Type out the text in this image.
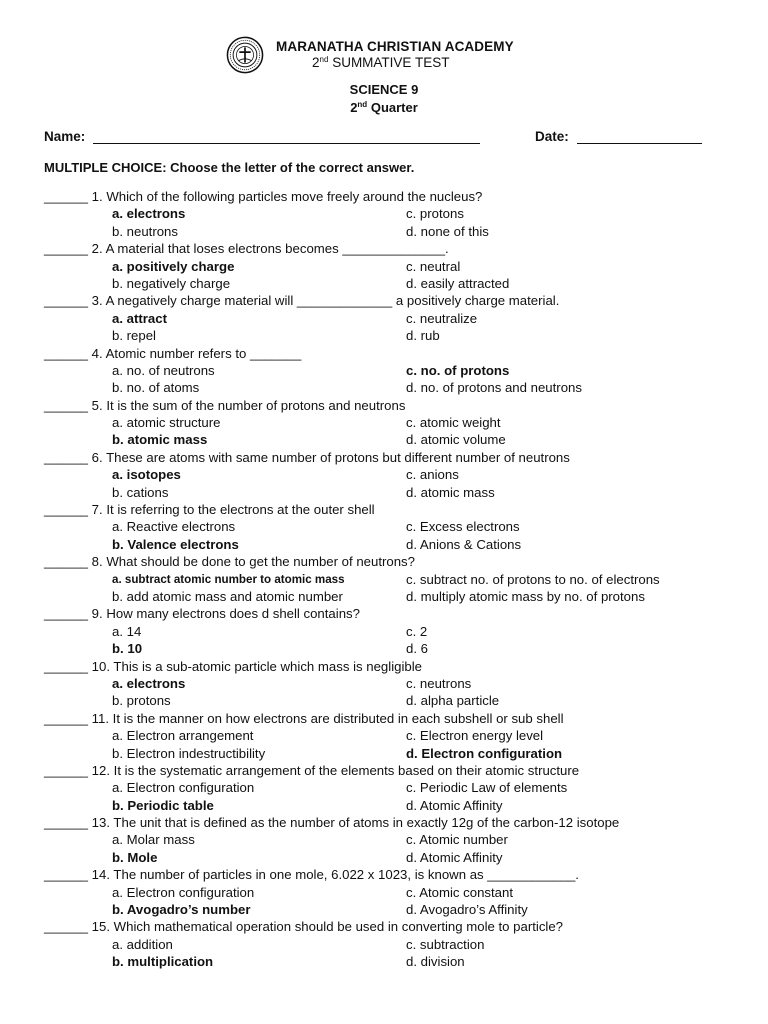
MARANATHA CHRISTIAN ACADEMY
2nd SUMMATIVE TEST
SCIENCE 9
2nd Quarter
Name:	Date:
MULTIPLE CHOICE: Choose the letter of the correct answer.
______ 1. Which of the following particles move freely around the nucleus?
a. electrons	c. protons
b. neutrons	d. none of this
______ 2. A material that loses electrons becomes ______________.
a. positively charge	c. neutral
b. negatively charge	d. easily attracted
______ 3. A negatively charge material will _____________ a positively charge material.
a. attract	c. neutralize
b. repel	d. rub
______ 4. Atomic number refers to _______
a. no. of neutrons	c. no. of protons
b. no. of atoms	d. no. of protons and neutrons
______ 5. It is the sum of the number of protons and neutrons
a. atomic structure	c. atomic weight
b. atomic mass	d. atomic volume
______ 6. These are atoms with same number of protons but different number of neutrons
a. isotopes	c. anions
b. cations	d. atomic mass
______ 7. It is referring to the electrons at the outer shell
a. Reactive electrons	c. Excess electrons
b. Valence electrons	d. Anions & Cations
______ 8. What should be done to get the number of neutrons?
a. subtract atomic number to atomic mass	c. subtract no. of protons to no. of electrons
b. add atomic mass and atomic number	d. multiply atomic mass by no. of protons
______ 9. How many electrons does d shell contains?
a. 14	c. 2
b. 10	d. 6
______ 10. This is a sub-atomic particle which mass is negligible
a. electrons	c. neutrons
b. protons	d. alpha particle
______ 11. It is the manner on how electrons are distributed in each subshell or sub shell
a. Electron arrangement	c. Electron energy level
b. Electron indestructibility	d. Electron configuration
______ 12. It is the systematic arrangement of the elements based on their atomic structure
a. Electron configuration	c. Periodic Law of elements
b. Periodic table	d. Atomic Affinity
______ 13. The unit that is defined as the number of atoms in exactly 12g of the carbon-12 isotope
a. Molar mass	c. Atomic number
b. Mole	d. Atomic Affinity
______ 14. The number of particles in one mole, 6.022 x 1023, is known as ____________.
a. Electron configuration	c. Atomic constant
b. Avogadro’s number	d. Avogadro’s Affinity
______ 15. Which mathematical operation should be used in converting mole to particle?
a. addition	c. subtraction
b. multiplication	d. division
